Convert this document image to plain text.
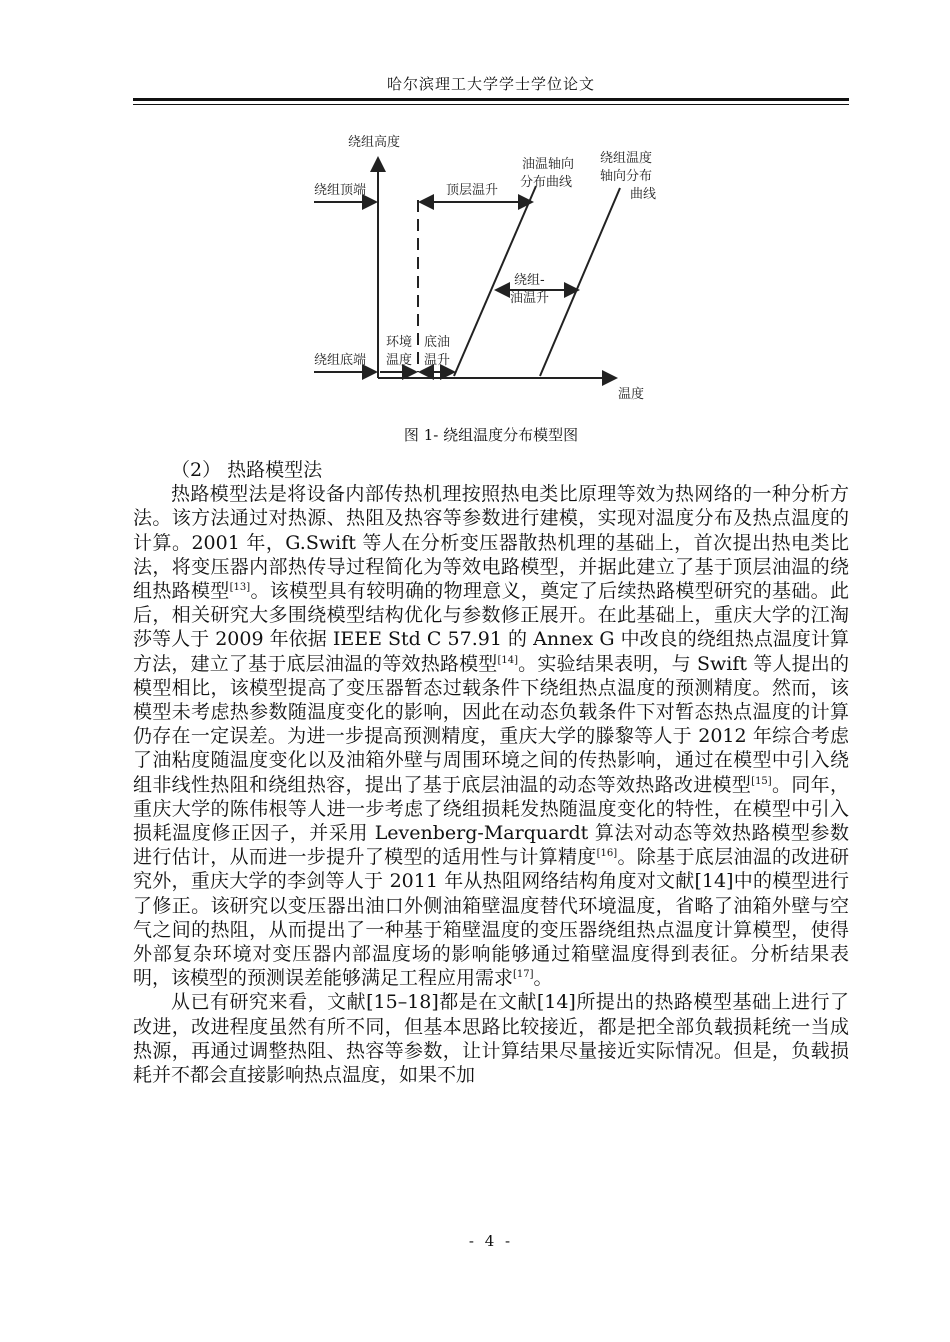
哈尔滨理工大学学士学位论文
绕组高度
温度
绕组顶端
绕组底端
顶层温升
油温轴向
分布曲线
绕组温度
轴向分布
曲线
绕组-
油温升
环境
温度
底油
温升
图 1- 绕组温度分布模型图

（2） 热路模型法

热路模型法是将设备内部传热机理按照热电类比原理等效为热网络的一种分析方法。该方法通过对热源、热阻及热容等参数进行建模，实现对温度分布及热点温度的计算。2001 年，G.Swift 等人在分析变压器散热机理的基础上，首次提出热电类比法，将变压器内部热传导过程简化为等效电路模型，并据此建立了基于顶层油温的绕组热路模型[13]。该模型具有较明确的物理意义，奠定了后续热路模型研究的基础。此后，相关研究大多围绕模型结构优化与参数修正展开。在此基础上，重庆大学的江淘莎等人于 2009 年依据 IEEE Std C 57.91 的 Annex G 中改良的绕组热点温度计算方法，建立了基于底层油温的等效热路模型[14]。实验结果表明，与 Swift 等人提出的模型相比，该模型提高了变压器暂态过载条件下绕组热点温度的预测精度。然而，该模型未考虑热参数随温度变化的影响，因此在动态负载条件下对暂态热点温度的计算仍存在一定误差。为进一步提高预测精度，重庆大学的滕黎等人于 2012 年综合考虑了油粘度随温度变化以及油箱外壁与周围环境之间的传热影响，通过在模型中引入绕组非线性热阻和绕组热容，提出了基于底层油温的动态等效热路改进模型[15]。同年，重庆大学的陈伟根等人进一步考虑了绕组损耗发热随温度变化的特性，在模型中引入损耗温度修正因子，并采用 Levenberg-Marquardt 算法对动态等效热路模型参数进行估计，从而进一步提升了模型的适用性与计算精度[16]。除基于底层油温的改进研究外，重庆大学的李剑等人于 2011 年从热阻网络结构角度对文献[14]中的模型进行了修正。该研究以变压器出油口外侧油箱壁温度替代环境温度，省略了油箱外壁与空气之间的热阻，从而提出了一种基于箱壁温度的变压器绕组热点温度计算模型，使得外部复杂环境对变压器内部温度场的影响能够通过箱壁温度得到表征。分析结果表明，该模型的预测误差能够满足工程应用需求[17]。

从已有研究来看，文献[15–18]都是在文献[14]所提出的热路模型基础上进行了改进，改进程度虽然有所不同，但基本思路比较接近，都是把全部负载损耗统一当成热源，再通过调整热阻、热容等参数，让计算结果尽量接近实际情况。但是，负载损耗并不都会直接影响热点温度，如果不加

- 4 -
